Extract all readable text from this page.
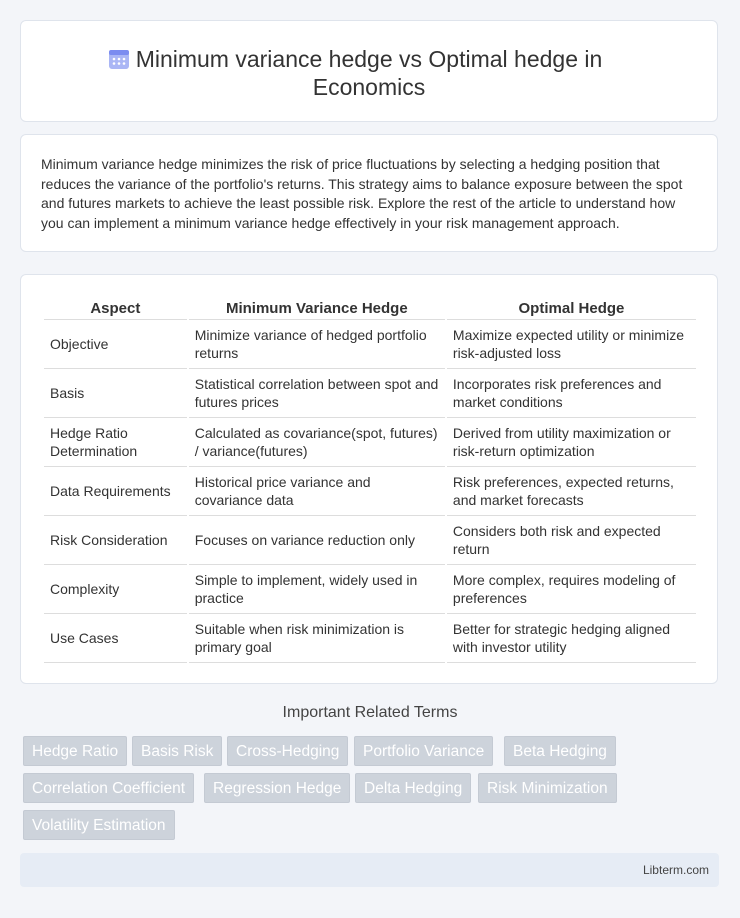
Minimum variance hedge vs Optimal hedge in Economics

Minimum variance hedge minimizes the risk of price fluctuations by selecting a hedging position that reduces the variance of the portfolio's returns. This strategy aims to balance exposure between the spot and futures markets to achieve the least possible risk. Explore the rest of the article to understand how you can implement a minimum variance hedge effectively in your risk management approach.

Aspect	Minimum Variance Hedge	Optimal Hedge
Objective	Minimize variance of hedged portfolio returns	Maximize expected utility or minimize risk-adjusted loss
Basis	Statistical correlation between spot and futures prices	Incorporates risk preferences and market conditions
Hedge Ratio Determination	Calculated as covariance(spot, futures) / variance(futures)	Derived from utility maximization or risk-return optimization
Data Requirements	Historical price variance and covariance data	Risk preferences, expected returns, and market forecasts
Risk Consideration	Focuses on variance reduction only	Considers both risk and expected return
Complexity	Simple to implement, widely used in practice	More complex, requires modeling of preferences
Use Cases	Suitable when risk minimization is primary goal	Better for strategic hedging aligned with investor utility
Important Related Terms
Hedge Ratio	Basis Risk	Cross-Hedging	Portfolio Variance	Beta Hedging
Correlation Coefficient	Regression Hedge	Delta Hedging	Risk Minimization
Volatility Estimation
Libterm.com
